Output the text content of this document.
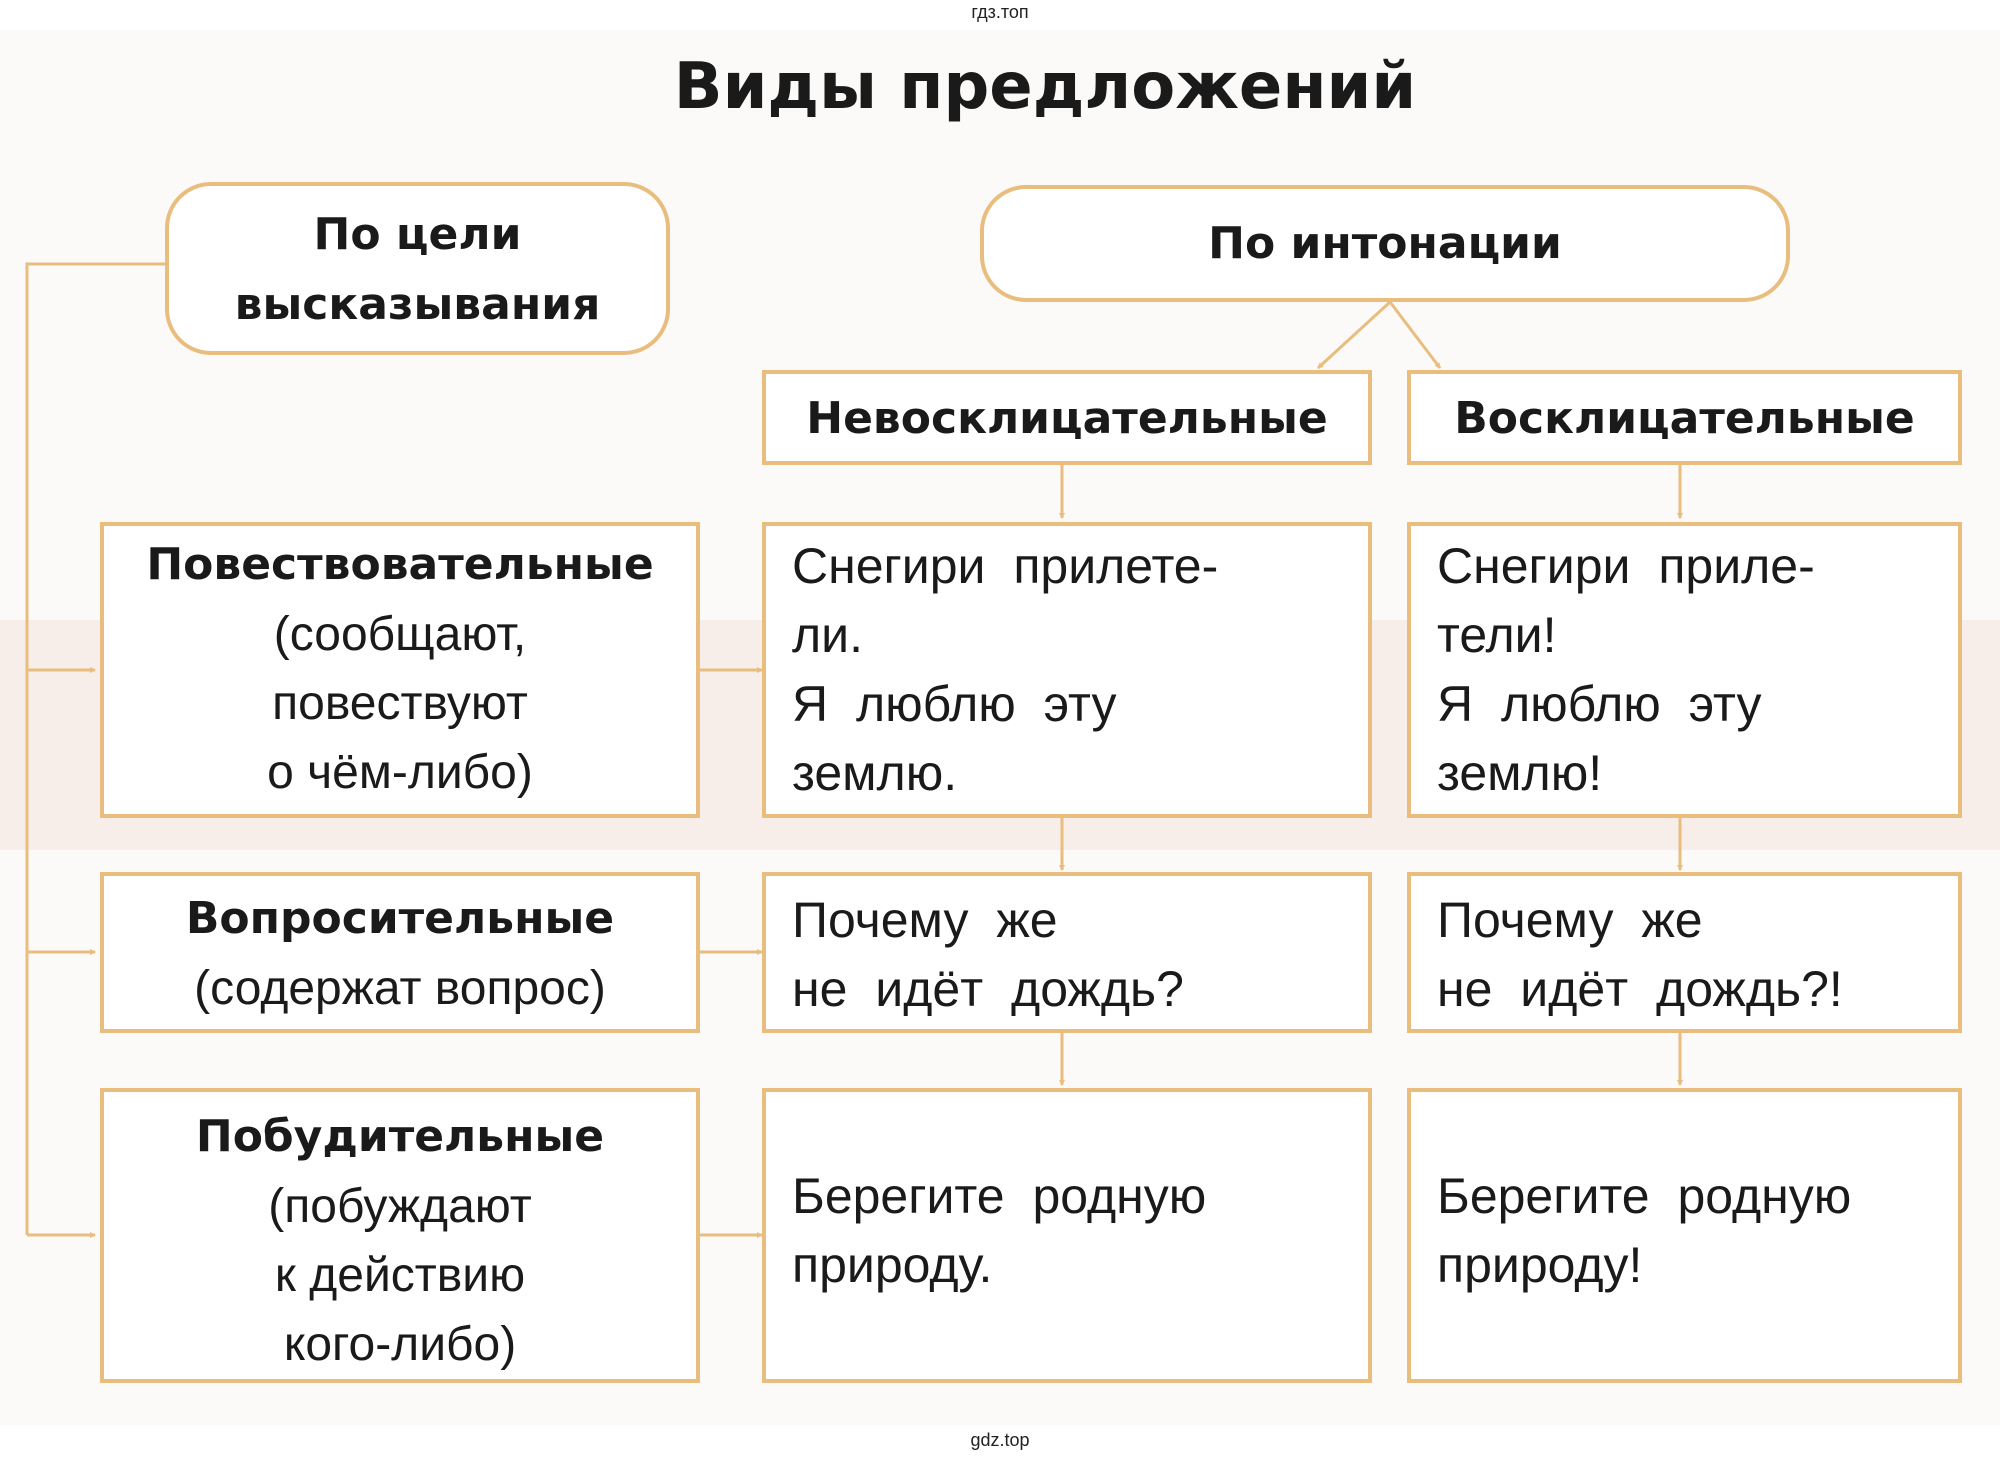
гдз.топ
gdz.top
Виды предложений
По цели
высказывания
По интонации
Невосклицательные	Восклицательные
Повествовательные
(сообщают,
повествуют
о чём-либо)
Снегири прилете-
ли.
Я люблю эту
землю.
Снегири приле-
тели!
Я люблю эту
землю!
Вопросительные
(содержат вопрос)
Почему же
не идёт дождь?
Почему же
не идёт дождь?!
Побудительные
(побуждают
к действию
кого-либо)
Берегите родную
природу.
Берегите родную
природу!
